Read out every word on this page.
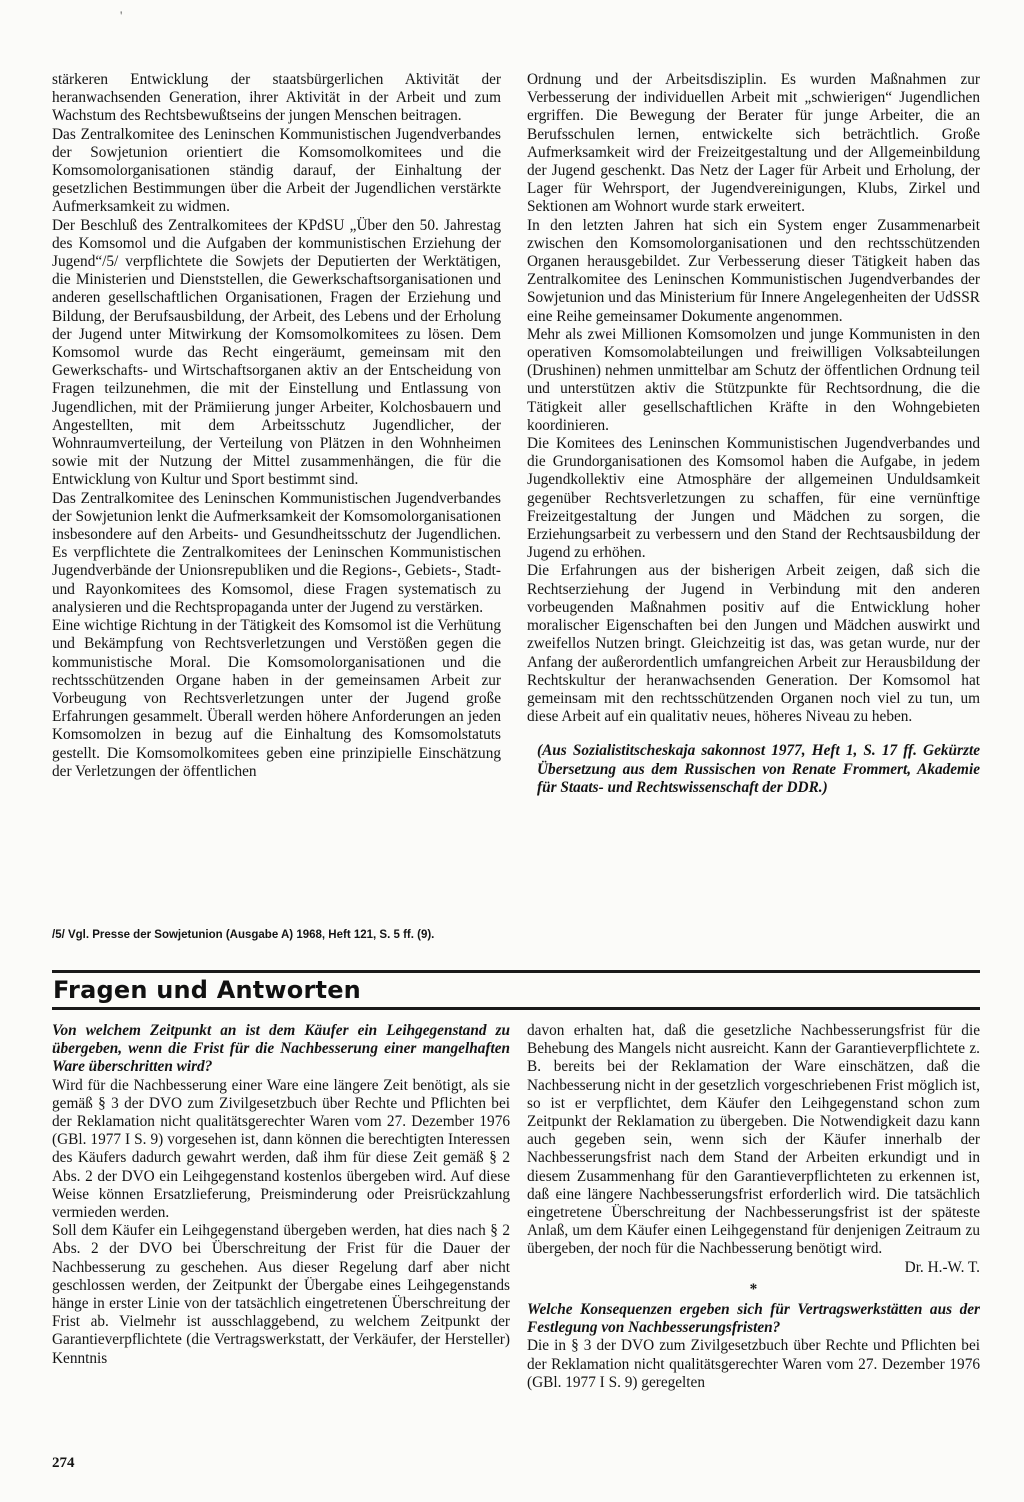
'

stärkeren Entwicklung der staatsbürgerlichen Aktivität der heranwachsenden Generation, ihrer Aktivität in der Arbeit und zum Wachstum des Rechtsbewußtseins der jungen Menschen beitragen.

Das Zentralkomitee des Leninschen Kommunistischen Jugendverbandes der Sowjetunion orientiert die Komsomolkomitees und die Komsomolorganisationen ständig darauf, der Einhaltung der gesetzlichen Bestimmungen über die Arbeit der Jugendlichen verstärkte Aufmerksamkeit zu widmen.

Der Beschluß des Zentralkomitees der KPdSU „Über den 50. Jahrestag des Komsomol und die Aufgaben der kommunistischen Erziehung der Jugend“/5/ verpflichtete die Sowjets der Deputierten der Werktätigen, die Ministerien und Dienststellen, die Gewerkschaftsorganisationen und anderen gesellschaftlichen Organisationen, Fragen der Erziehung und Bildung, der Berufsausbildung, der Arbeit, des Lebens und der Erholung der Jugend unter Mitwirkung der Komsomolkomitees zu lösen. Dem Komsomol wurde das Recht eingeräumt, gemeinsam mit den Gewerkschafts- und Wirtschaftsorganen aktiv an der Entscheidung von Fragen teilzunehmen, die mit der Einstellung und Entlassung von Jugendlichen, mit der Prämiierung junger Arbeiter, Kolchosbauern und Angestellten, mit dem Arbeitsschutz Jugendlicher, der Wohnraumverteilung, der Verteilung von Plätzen in den Wohnheimen sowie mit der Nutzung der Mittel zusammenhängen, die für die Entwicklung von Kultur und Sport bestimmt sind.

Das Zentralkomitee des Leninschen Kommunistischen Jugendverbandes der Sowjetunion lenkt die Aufmerksamkeit der Komsomolorganisationen insbesondere auf den Arbeits- und Gesundheitsschutz der Jugendlichen. Es verpflichtete die Zentralkomitees der Leninschen Kommunistischen Jugendverbände der Unionsrepubliken und die Regions-, Gebiets-, Stadt- und Rayonkomitees des Komsomol, diese Fragen systematisch zu analysieren und die Rechtspropaganda unter der Jugend zu verstärken.

Eine wichtige Richtung in der Tätigkeit des Komsomol ist die Verhütung und Bekämpfung von Rechtsverletzungen und Verstößen gegen die kommunistische Moral. Die Komsomolorganisationen und die rechtsschützenden Organe haben in der gemeinsamen Arbeit zur Vorbeugung von Rechtsverletzungen unter der Jugend große Erfahrungen gesammelt. Überall werden höhere Anforderungen an jeden Komsomolzen in bezug auf die Einhaltung des Komsomolstatuts gestellt. Die Komsomolkomitees geben eine prinzipielle Einschätzung der Verletzungen der öffentlichen

Ordnung und der Arbeitsdisziplin. Es wurden Maßnahmen zur Verbesserung der individuellen Arbeit mit „schwierigen“ Jugendlichen ergriffen. Die Bewegung der Berater für junge Arbeiter, die an Berufsschulen lernen, entwickelte sich beträchtlich. Große Aufmerksamkeit wird der Freizeitgestaltung und der Allgemeinbildung der Jugend geschenkt. Das Netz der Lager für Arbeit und Erholung, der Lager für Wehrsport, der Jugendvereinigungen, Klubs, Zirkel und Sektionen am Wohnort wurde stark erweitert.

In den letzten Jahren hat sich ein System enger Zusammenarbeit zwischen den Komsomolorganisationen und den rechtsschützenden Organen herausgebildet. Zur Verbesserung dieser Tätigkeit haben das Zentralkomitee des Leninschen Kommunistischen Jugendverbandes der Sowjetunion und das Ministerium für Innere Angelegenheiten der UdSSR eine Reihe gemeinsamer Dokumente angenommen.

Mehr als zwei Millionen Komsomolzen und junge Kommunisten in den operativen Komsomolabteilungen und freiwilligen Volksabteilungen (Drushinen) nehmen unmittelbar am Schutz der öffentlichen Ordnung teil und unterstützen aktiv die Stützpunkte für Rechtsordnung, die die Tätigkeit aller gesellschaftlichen Kräfte in den Wohngebieten koordinieren.

Die Komitees des Leninschen Kommunistischen Jugendverbandes und die Grundorganisationen des Komsomol haben die Aufgabe, in jedem Jugendkollektiv eine Atmosphäre der allgemeinen Unduldsamkeit gegenüber Rechtsverletzungen zu schaffen, für eine vernünftige Freizeitgestaltung der Jungen und Mädchen zu sorgen, die Erziehungsarbeit zu verbessern und den Stand der Rechtsausbildung der Jugend zu erhöhen.

Die Erfahrungen aus der bisherigen Arbeit zeigen, daß sich die Rechtserziehung der Jugend in Verbindung mit den anderen vorbeugenden Maßnahmen positiv auf die Entwicklung hoher moralischer Eigenschaften bei den Jungen und Mädchen auswirkt und zweifellos Nutzen bringt. Gleichzeitig ist das, was getan wurde, nur der Anfang der außerordentlich umfangreichen Arbeit zur Herausbildung der Rechtskultur der heranwachsenden Generation. Der Komsomol hat gemeinsam mit den rechtsschützenden Organen noch viel zu tun, um diese Arbeit auf ein qualitativ neues, höheres Niveau zu heben.

(Aus Sozialistitscheskaja sakonnost 1977, Heft 1, S. 17 ff. Gekürzte Übersetzung aus dem Russischen von Renate Frommert, Akademie für Staats- und Rechtswissenschaft der DDR.)

/5/ Vgl. Presse der Sowjetunion (Ausgabe A) 1968, Heft 121, S. 5 ff. (9).
Fragen und Antworten

Von welchem Zeitpunkt an ist dem Käufer ein Leihgegenstand zu übergeben, wenn die Frist für die Nachbesserung einer mangelhaften Ware überschritten wird?

Wird für die Nachbesserung einer Ware eine längere Zeit benötigt, als sie gemäß § 3 der DVO zum Zivilgesetzbuch über Rechte und Pflichten bei der Reklamation nicht qualitätsgerechter Waren vom 27. Dezember 1976 (GBl. 1977 I S. 9) vorgesehen ist, dann können die berechtigten Interessen des Käufers dadurch gewahrt werden, daß ihm für diese Zeit gemäß § 2 Abs. 2 der DVO ein Leihgegenstand kostenlos übergeben wird. Auf diese Weise können Ersatzlieferung, Preisminderung oder Preisrückzahlung vermieden werden.

Soll dem Käufer ein Leihgegenstand übergeben werden, hat dies nach § 2 Abs. 2 der DVO bei Überschreitung der Frist für die Dauer der Nachbesserung zu geschehen. Aus dieser Regelung darf aber nicht geschlossen werden, der Zeitpunkt der Übergabe eines Leihgegenstands hänge in erster Linie von der tatsächlich eingetretenen Überschreitung der Frist ab. Vielmehr ist ausschlaggebend, zu welchem Zeitpunkt der Garantieverpflichtete (die Vertragswerkstatt, der Verkäufer, der Hersteller) Kenntnis

davon erhalten hat, daß die gesetzliche Nachbesserungsfrist für die Behebung des Mangels nicht ausreicht. Kann der Garantieverpflichtete z. B. bereits bei der Reklamation der Ware einschätzen, daß die Nachbesserung nicht in der gesetzlich vorgeschriebenen Frist möglich ist, so ist er verpflichtet, dem Käufer den Leihgegenstand schon zum Zeitpunkt der Reklamation zu übergeben. Die Notwendigkeit dazu kann auch gegeben sein, wenn sich der Käufer innerhalb der Nachbesserungsfrist nach dem Stand der Arbeiten erkundigt und in diesem Zusammenhang für den Garantieverpflichteten zu erkennen ist, daß eine längere Nachbesserungsfrist erforderlich wird. Die tatsächlich eingetretene Überschreitung der Nachbesserungsfrist ist der späteste Anlaß, um dem Käufer einen Leihgegenstand für denjenigen Zeitraum zu übergeben, der noch für die Nachbesserung benötigt wird.

Dr. H.-W. T.

*

Welche Konsequenzen ergeben sich für Vertragswerkstätten aus der Festlegung von Nachbesserungsfristen?

Die in § 3 der DVO zum Zivilgesetzbuch über Rechte und Pflichten bei der Reklamation nicht qualitätsgerechter Waren vom 27. Dezember 1976 (GBl. 1977 I S. 9) geregelten

274
